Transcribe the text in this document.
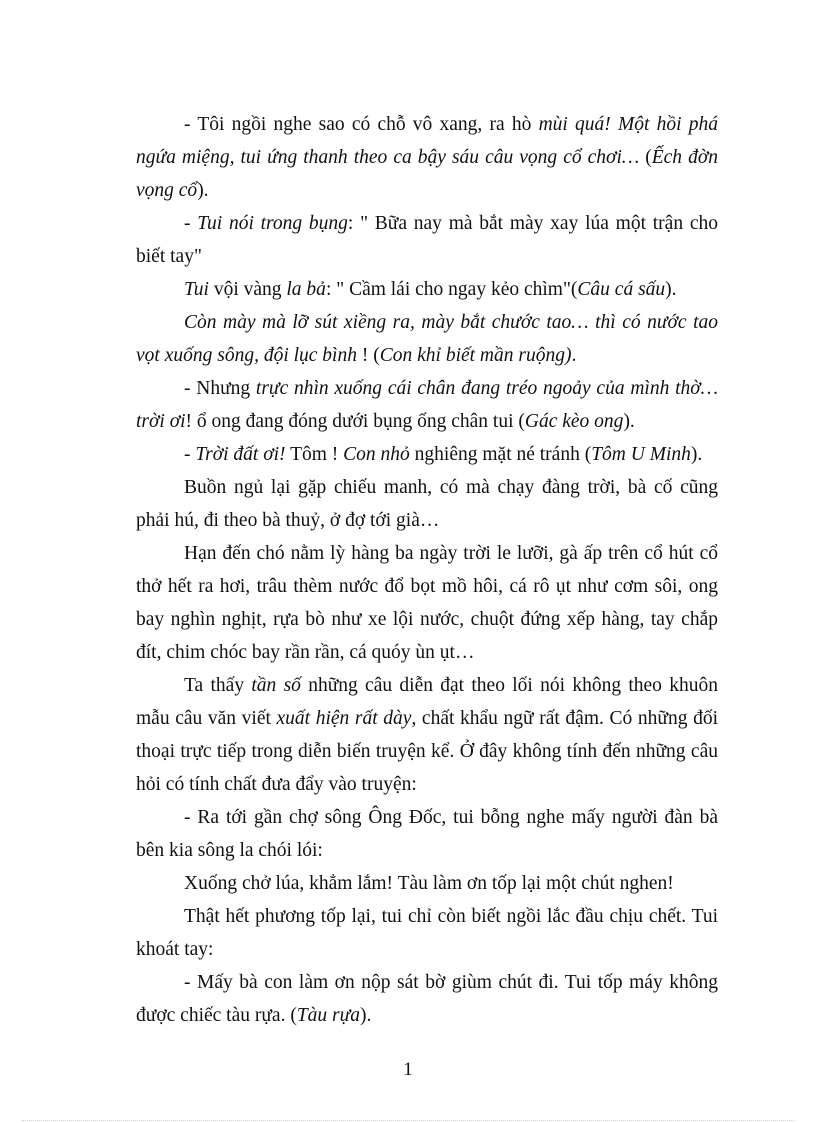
- Tôi ngồi nghe sao có chỗ vô xang, ra hò mùi quá! Một hồi phá ngứa miệng, tui ứng thanh theo ca bậy sáu câu vọng cổ chơi… (Ếch đờn vọng cổ).

- Tui nói trong bụng: " Bữa nay mà bắt mày xay lúa một trận cho biết tay"

Tui vội vàng la bả: " Cầm lái cho ngay kẻo chìm"(Câu cá sấu).

Còn mày mà lỡ sút xiềng ra, mày bắt chước tao… thì có nước tao vọt xuống sông, đội lục bình ! (Con khỉ biết mần ruộng).

- Nhưng trực nhìn xuống cái chân đang tréo ngoảy của mình thờ… trời ơi! ổ ong đang đóng dưới bụng ống chân tui (Gác kèo ong).

- Trời đất ơi! Tôm ! Con nhỏ nghiêng mặt né tránh (Tôm U Minh).

Buồn ngủ lại gặp chiếu manh, có mà chạy đàng trời, bà cố cũng phải hú, đi theo bà thuỷ, ở đợ tới già…

Hạn đến chó nằm lỳ hàng ba ngày trời le lưỡi, gà ấp trên cổ hút cổ thở hết ra hơi, trâu thèm nước đổ bọt mồ hôi, cá rô ụt như cơm sôi, ong bay nghìn nghịt, rựa bò như xe lội nước, chuột đứng xếp hàng, tay chắp đít, chim chóc bay rần rần, cá quóy ùn ụt…

Ta thấy tần số những câu diễn đạt theo lối nói không theo khuôn mẫu câu văn viết xuất hiện rất dày, chất khẩu ngữ rất đậm. Có những đối thoại trực tiếp trong diễn biến truyện kể. Ở đây không tính đến những câu hỏi có tính chất đưa đẩy vào truyện:

- Ra tới gần chợ sông Ông Đốc, tui bỗng nghe mấy người đàn bà bên kia sông la chói lói:

Xuống chở lúa, khẳm lắm! Tàu làm ơn tốp lại một chút nghen!

Thật hết phương tốp lại, tui chỉ còn biết ngồi lắc đầu chịu chết. Tui khoát tay:

- Mấy bà con làm ơn nộp sát bờ giùm chút đi. Tui tốp máy không được chiếc tàu rựa. (Tàu rựa).

1
